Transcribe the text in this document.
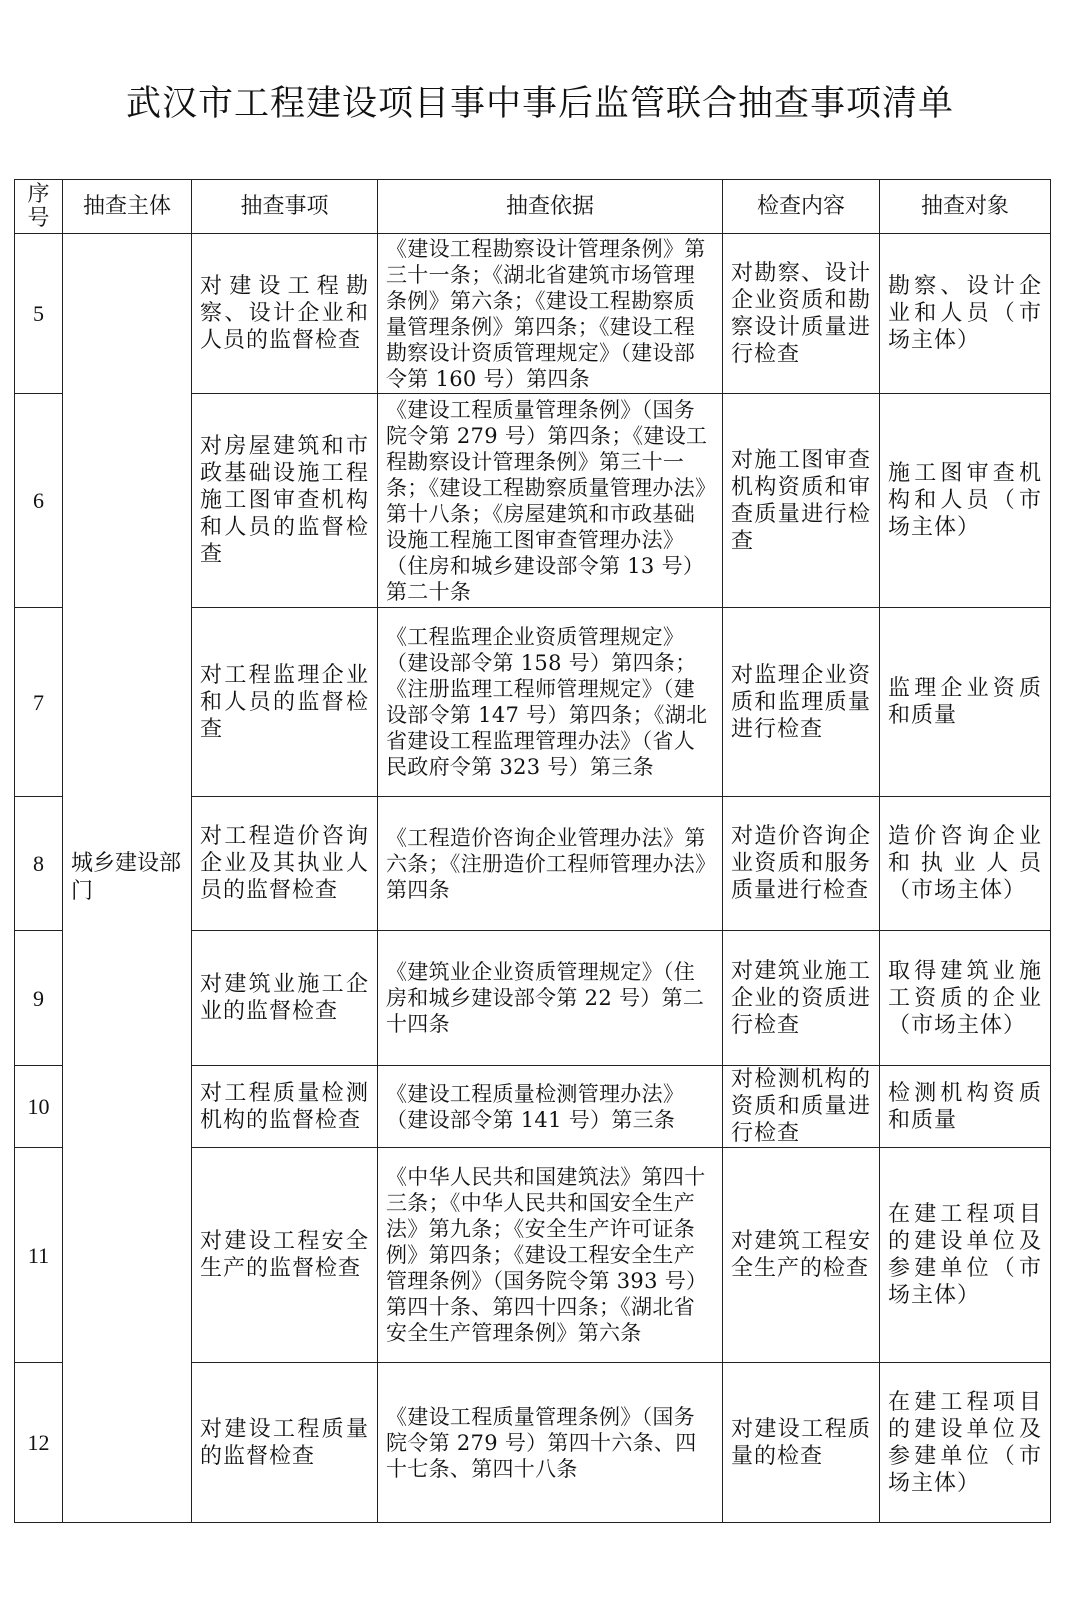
武汉市工程建设项目事中事后监管联合抽查事项清单
序号	抽查主体	抽查事项	抽查依据	检查内容	抽查对象
5	城乡建设部门	对建设工程勘察、设计企业和人员的监督检查	《建设工程勘察设计管理条例》第三十一条；《湖北省建筑市场管理条例》第六条；《建设工程勘察质量管理条例》第四条；《建设工程勘察设计资质管理规定》（建设部令第 160 号）第四条	对勘察、设计企业资质和勘察设计质量进行检查	勘察、设计企业和人员（市场主体）
6		对房屋建筑和市政基础设施工程施工图审查机构和人员的监督检查	《建设工程质量管理条例》（国务院令第 279 号）第四条；《建设工程勘察设计管理条例》第三十一条；《建设工程勘察质量管理办法》第十八条；《房屋建筑和市政基础设施工程施工图审查管理办法》（住房和城乡建设部令第 13 号）第二十条	对施工图审查机构资质和审查质量进行检查	施工图审查机构和人员（市场主体）
7		对工程监理企业和人员的监督检查	《工程监理企业资质管理规定》（建设部令第 158 号）第四条；《注册监理工程师管理规定》（建设部令第 147 号）第四条；《湖北省建设工程监理管理办法》（省人民政府令第 323 号）第三条	对监理企业资质和监理质量进行检查	监理企业资质和质量
8		对工程造价咨询企业及其执业人员的监督检查	《工程造价咨询企业管理办法》第六条；《注册造价工程师管理办法》第四条	对造价咨询企业资质和服务质量进行检查	造价咨询企业和执业人员（市场主体）
9		对建筑业施工企业的监督检查	《建筑业企业资质管理规定》（住房和城乡建设部令第 22 号）第二十四条	对建筑业施工企业的资质进行检查	取得建筑业施工资质的企业（市场主体）
10		对工程质量检测机构的监督检查	《建设工程质量检测管理办法》（建设部令第 141 号）第三条	对检测机构的资质和质量进行检查	检测机构资质和质量
11		对建设工程安全生产的监督检查	《中华人民共和国建筑法》第四十三条；《中华人民共和国安全生产法》第九条；《安全生产许可证条例》第四条；《建设工程安全生产管理条例》（国务院令第 393 号）第四十条、第四十四条；《湖北省安全生产管理条例》第六条	对建筑工程安全生产的检查	在建工程项目的建设单位及参建单位（市场主体）
12		对建设工程质量的监督检查	《建设工程质量管理条例》（国务院令第 279 号）第四十六条、四十七条、第四十八条	对建设工程质量的检查	在建工程项目的建设单位及参建单位（市场主体）
